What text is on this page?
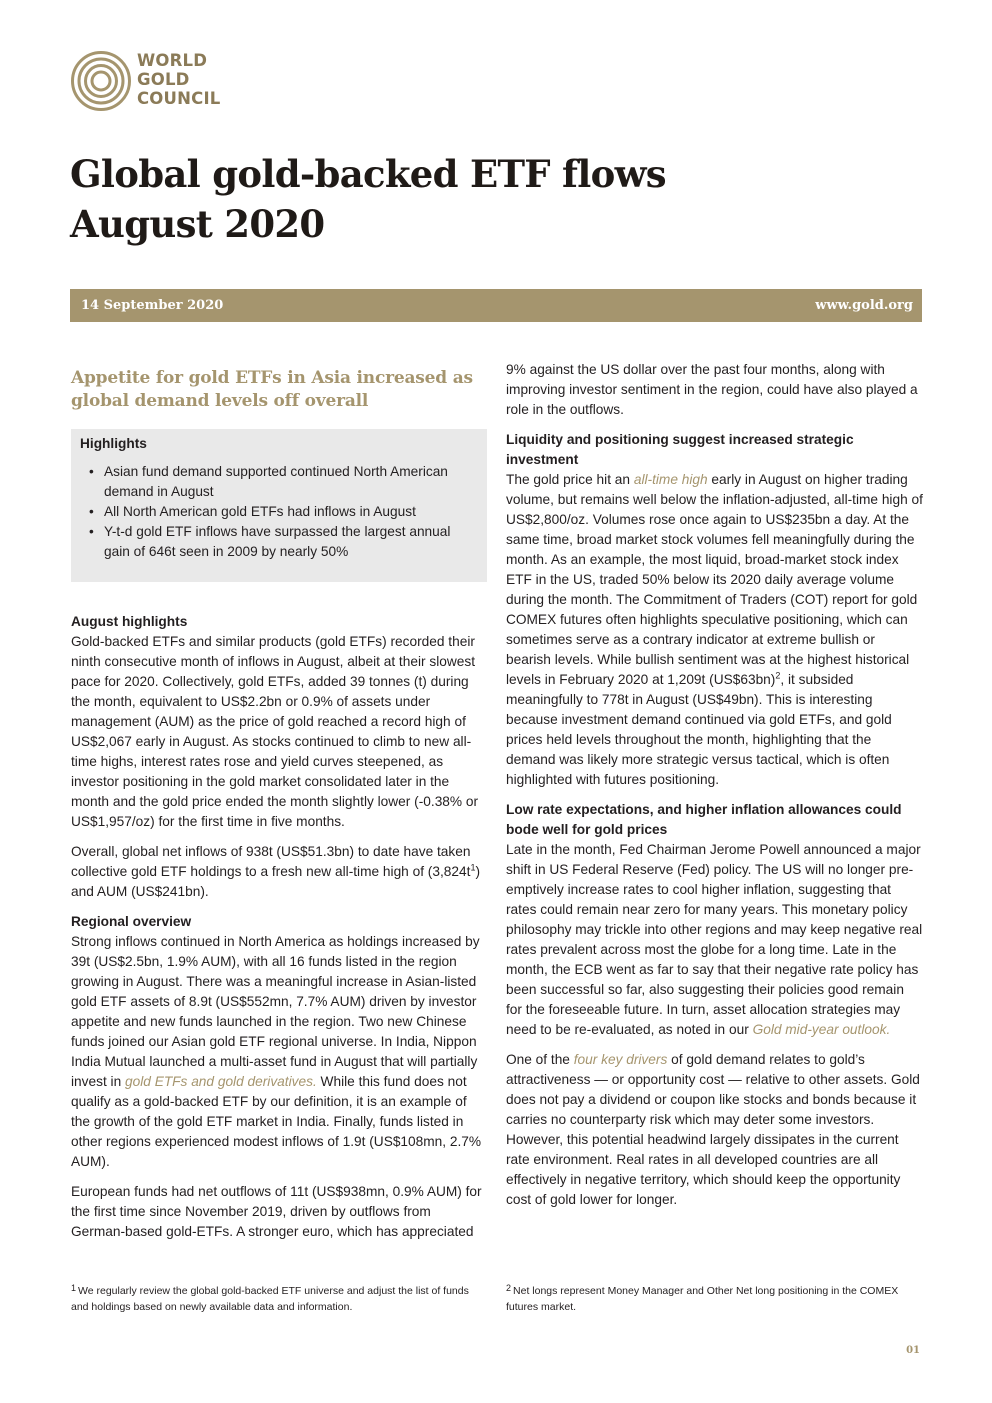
WORLD
GOLD
COUNCIL
Global gold-backed ETF flows
August 2020
14 September 2020	www.gold.org
Appetite for gold ETFs in Asia increased as global demand levels off overall
Highlights
• Asian fund demand supported continued North American demand in August
• All North American gold ETFs had inflows in August
• Y-t-d gold ETF inflows have surpassed the largest annual gain of 646t seen in 2009 by nearly 50%

August highlights

Gold-backed ETFs and similar products (gold ETFs) recorded their ninth consecutive month of inflows in August, albeit at their slowest pace for 2020. Collectively, gold ETFs, added 39 tonnes (t) during the month, equivalent to US$2.2bn or 0.9% of assets under management (AUM) as the price of gold reached a record high of US$2,067 early in August. As stocks continued to climb to new all-time highs, interest rates rose and yield curves steepened, as investor positioning in the gold market consolidated later in the month and the gold price ended the month slightly lower (-0.38% or US$1,957/oz) for the first time in five months.

Overall, global net inflows of 938t (US$51.3bn) to date have taken collective gold ETF holdings to a fresh new all-time high of $(3,824t^1)$ and AUM (US$241bn).

Regional overview

Strong inflows continued in North America as holdings increased by 39t (US$2.5bn, 1.9% AUM), with all 16 funds listed in the region growing in August. There was a meaningful increase in Asian-listed gold ETF assets of 8.9t (US$552mn, 7.7% AUM) driven by investor appetite and new funds launched in the region. Two new Chinese funds joined our Asian gold ETF regional universe. In India, Nippon India Mutual launched a multi-asset fund in August that will partially invest in gold ETFs and gold derivatives. While this fund does not qualify as a gold-backed ETF by our definition, it is an example of the growth of the gold ETF market in India. Finally, funds listed in other regions experienced modest inflows of 1.9t (US$108mn, 2.7% AUM).

European funds had net outflows of 11t (US$938mn, 0.9% AUM) for the first time since November 2019, driven by outflows from German-based gold-ETFs. A stronger euro, which has appreciated

9% against the US dollar over the past four months, along with improving investor sentiment in the region, could have also played a role in the outflows.

Liquidity and positioning suggest increased strategic investment

The gold price hit an all-time high early in August on higher trading volume, but remains well below the inflation-adjusted, all-time high of US$2,800/oz. Volumes rose once again to US$235bn a day. At the same time, broad market stock volumes fell meaningfully during the month. As an example, the most liquid, broad-market stock index ETF in the US, traded 50% below its 2020 daily average volume during the month. The Commitment of Traders (COT) report for gold COMEX futures often highlights speculative positioning, which can sometimes serve as a contrary indicator at extreme bullish or bearish levels. While bullish sentiment was at the highest historical levels in February 2020 at 1,209t (US$63bn)$^2$, it subsided meaningfully to 778t in August (US$49bn). This is interesting because investment demand continued via gold ETFs, and gold prices held levels throughout the month, highlighting that the demand was likely more strategic versus tactical, which is often highlighted with futures positioning.

Low rate expectations, and higher inflation allowances could bode well for gold prices

Late in the month, Fed Chairman Jerome Powell announced a major shift in US Federal Reserve (Fed) policy. The US will no longer pre-emptively increase rates to cool higher inflation, suggesting that rates could remain near zero for many years. This monetary policy philosophy may trickle into other regions and may keep negative real rates prevalent across most the globe for a long time. Late in the month, the ECB went as far to say that their negative rate policy has been successful so far, also suggesting their policies good remain for the foreseeable future. In turn, asset allocation strategies may need to be re-evaluated, as noted in our Gold mid-year outlook.

One of the four key drivers of gold demand relates to gold’s attractiveness — or opportunity cost — relative to other assets. Gold does not pay a dividend or coupon like stocks and bonds because it carries no counterparty risk which may deter some investors. However, this potential headwind largely dissipates in the current rate environment. Real rates in all developed countries are all effectively in negative territory, which should keep the opportunity cost of gold lower for longer.

1 We regularly review the global gold-backed ETF universe and adjust the list of funds and holdings based on newly available data and information.
2 Net longs represent Money Manager and Other Net long positioning in the COMEX futures market.
01
